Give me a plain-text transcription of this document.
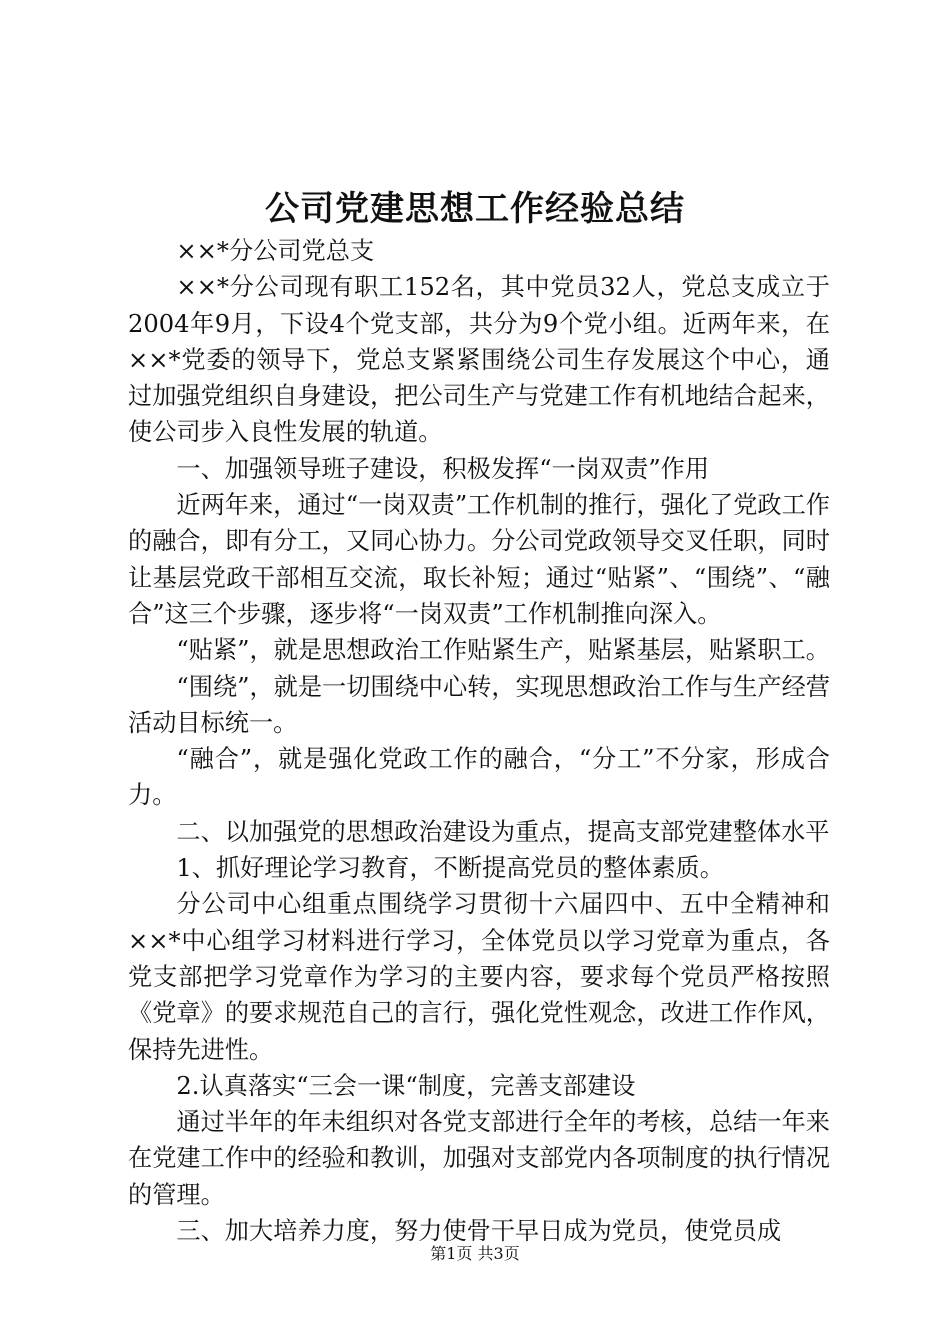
公司党建思想工作经验总结

××*分公司党总支

××*分公司现有职工152名，其中党员32人，党总支成立于2004年9月，下设4个党支部，共分为9个党小组。近两年来，在××*党委的领导下，党总支紧紧围绕公司生存发展这个中心，通过加强党组织自身建设，把公司生产与党建工作有机地结合起来，使公司步入良性发展的轨道。

一、加强领导班子建设，积极发挥“一岗双责”作用

近两年来，通过“一岗双责”工作机制的推行，强化了党政工作的融合，即有分工，又同心协力。分公司党政领导交叉任职，同时让基层党政干部相互交流，取长补短；通过“贴紧”、“围绕”、“融合”这三个步骤，逐步将“一岗双责”工作机制推向深入。

“贴紧”，就是思想政治工作贴紧生产，贴紧基层，贴紧职工。

“围绕”，就是一切围绕中心转，实现思想政治工作与生产经营活动目标统一。

“融合”，就是强化党政工作的融合，“分工”不分家，形成合力。

二、以加强党的思想政治建设为重点，提高支部党建整体水平

1、抓好理论学习教育，不断提高党员的整体素质。

分公司中心组重点围绕学习贯彻十六届四中、五中全精神和××*中心组学习材料进行学习，全体党员以学习党章为重点，各党支部把学习党章作为学习的主要内容，要求每个党员严格按照《党章》的要求规范自己的言行，强化党性观念，改进工作作风，保持先进性。

2.认真落实“三会一课“制度，完善支部建设

通过半年的年未组织对各党支部进行全年的考核，总结一年来在党建工作中的经验和教训，加强对支部党内各项制度的执行情况的管理。

三、加大培养力度，努力使骨干早日成为党员，使党员成

第1页 共3页
